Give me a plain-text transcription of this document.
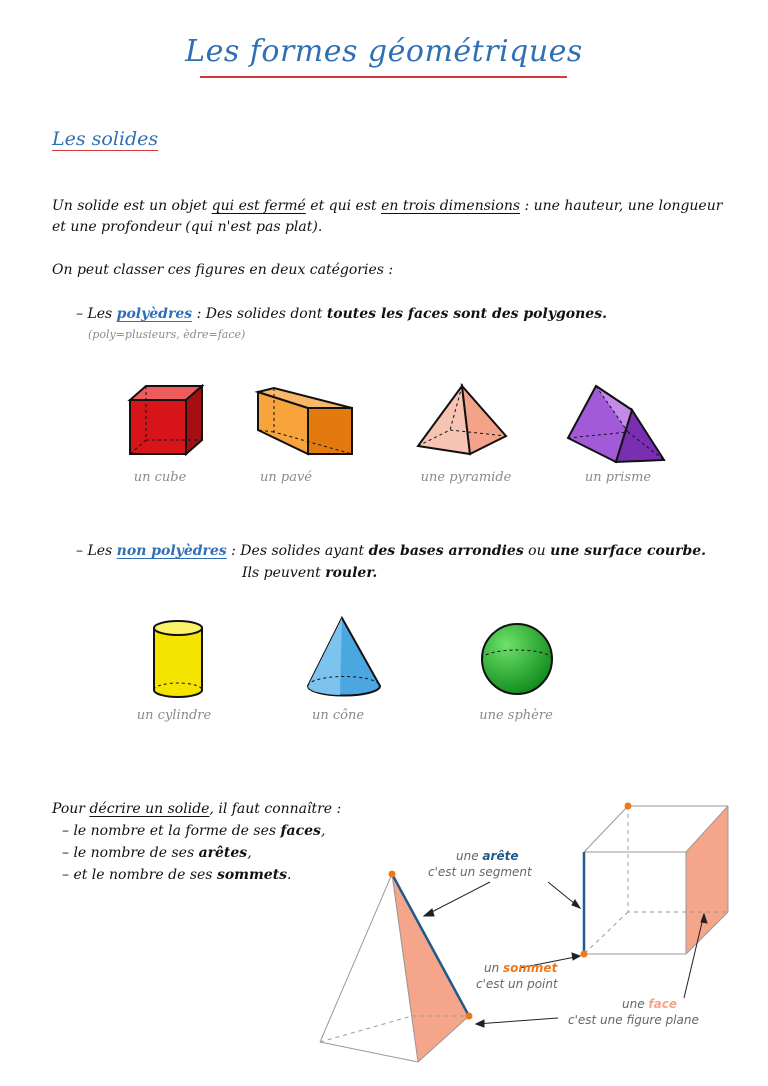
Les formes géométriques
Les solides
Un solide est un objet qui est fermé et qui est en trois dimensions : une hauteur, une longueur
et une profondeur (qui n'est pas plat).
On peut classer ces figures en deux catégories :
– Les polyèdres : Des solides dont toutes les faces sont des polygones.
(poly=plusieurs, èdre=face)
un cube	un pavé	une pyramide	un prisme
– Les non polyèdres : Des solides ayant des bases arrondies ou une surface courbe.
Ils peuvent rouler.
un cylindre	un cône	une sphère
Pour décrire un solide, il faut connaître :
– le nombre et la forme de ses faces,
– le nombre de ses arêtes,
– et le nombre de ses sommets.
une arête
c'est un segment
un sommet
c'est un point
une face
c'est une figure plane
